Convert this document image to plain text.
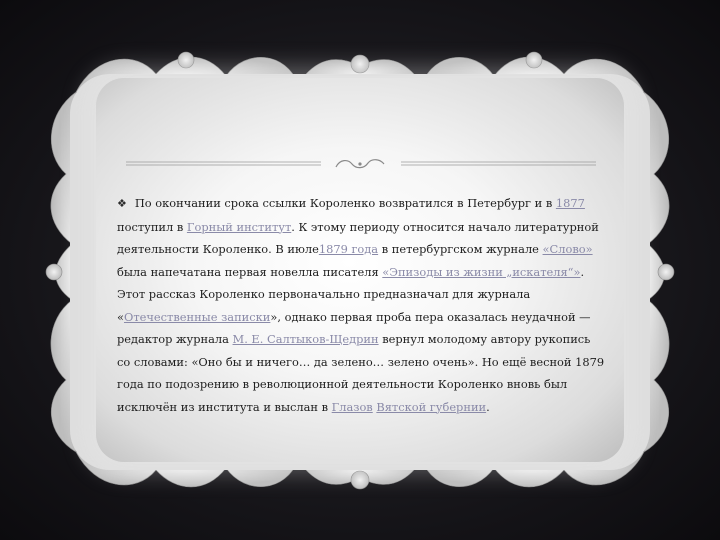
❖ По окончании срока ссылки Короленко возвратился в Петербург и в 1877 поступил в Горный институт. К этому периоду относится начало литературной деятельности Короленко. В июле1879 года в петербургском журнале «Слово» была напечатана первая новелла писателя «Эпизоды из жизни „искателя“». Этот рассказ Короленко первоначально предназначал для журнала «Отечественные записки», однако первая проба пера оказалась неудачной — редактор журнала М. Е. Салтыков-Щедрин вернул молодому автору рукопись со словами: «Оно бы и ничего… да зелено… зелено очень». Но ещё весной 1879 года по подозрению в революционной деятельности Короленко вновь был исключён из института и выслан в Глазов Вятской губернии.
